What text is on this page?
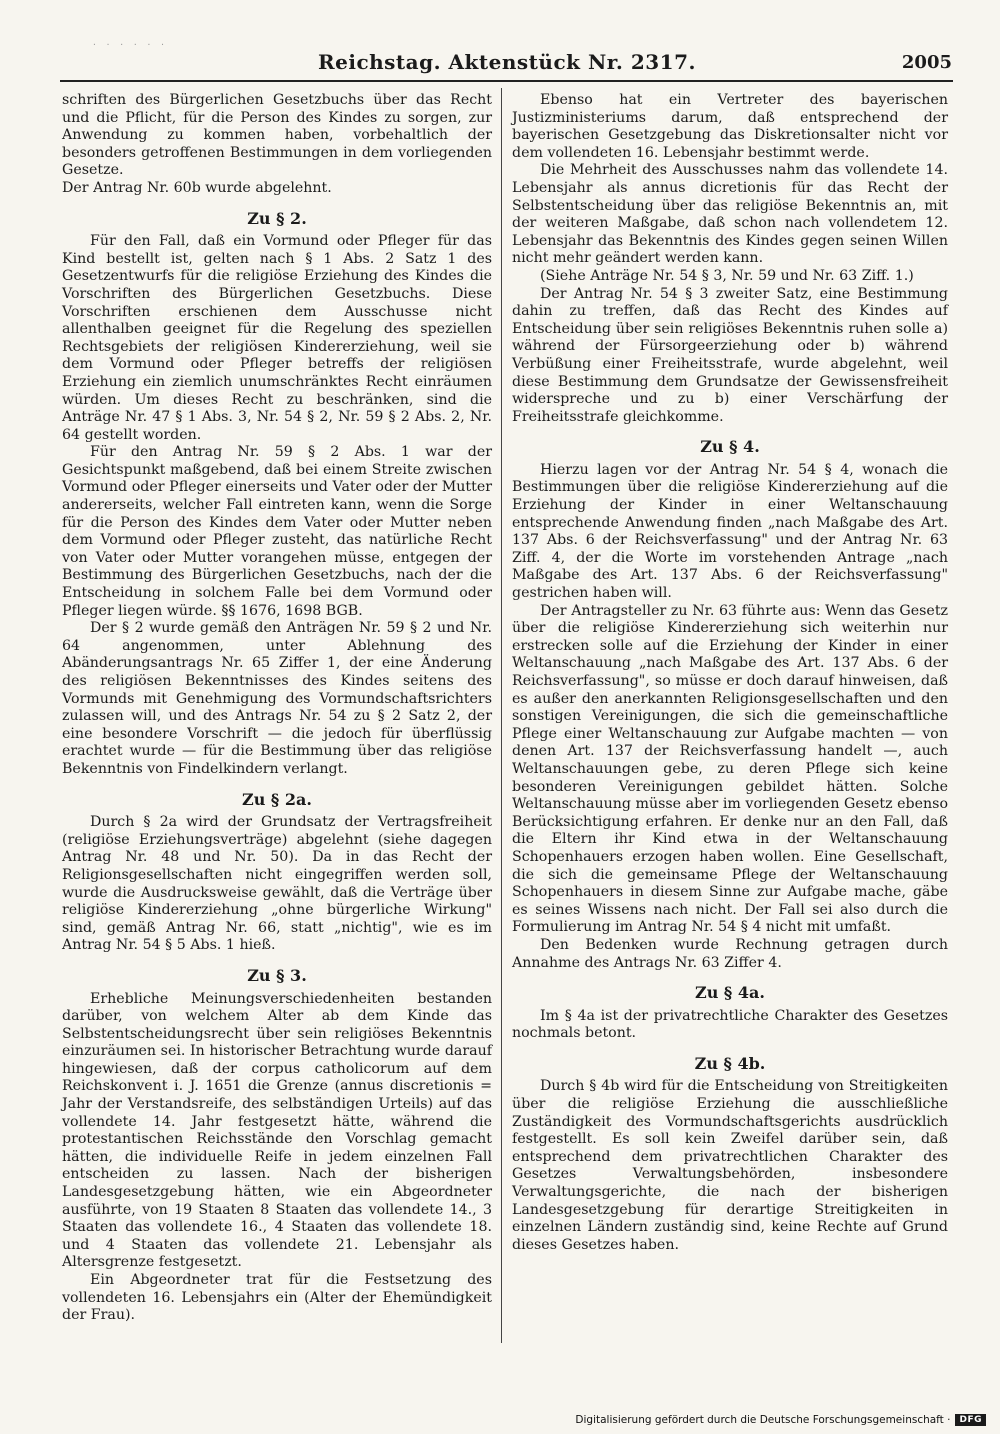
· · · · · ·
Reichstag. Aktenstück Nr. 2317.	2005

schriften des Bürgerlichen Gesetzbuchs über das Recht und die Pflicht, für die Person des Kindes zu sorgen, zur Anwendung zu kommen haben, vorbehaltlich der besonders getroffenen Bestimmungen in dem vorliegenden Gesetze.

Der Antrag Nr. 60b wurde abgelehnt.

Zu § 2.

Für den Fall, daß ein Vormund oder Pfleger für das Kind bestellt ist, gelten nach § 1 Abs. 2 Satz 1 des Gesetzentwurfs für die religiöse Erziehung des Kindes die Vorschriften des Bürgerlichen Gesetzbuchs. Diese Vorschriften erschienen dem Ausschusse nicht allenthalben geeignet für die Regelung des speziellen Rechtsgebiets der religiösen Kindererziehung, weil sie dem Vormund oder Pfleger betreffs der religiösen Erziehung ein ziemlich unumschränktes Recht einräumen würden. Um dieses Recht zu beschränken, sind die Anträge Nr. 47 § 1 Abs. 3, Nr. 54 § 2, Nr. 59 § 2 Abs. 2, Nr. 64 gestellt worden.

Für den Antrag Nr. 59 § 2 Abs. 1 war der Gesichtspunkt maßgebend, daß bei einem Streite zwischen Vormund oder Pfleger einerseits und Vater oder der Mutter andererseits, welcher Fall eintreten kann, wenn die Sorge für die Person des Kindes dem Vater oder Mutter neben dem Vormund oder Pfleger zusteht, das natürliche Recht von Vater oder Mutter vorangehen müsse, entgegen der Bestimmung des Bürgerlichen Gesetzbuchs, nach der die Entscheidung in solchem Falle bei dem Vormund oder Pfleger liegen würde. §§ 1676, 1698 BGB.

Der § 2 wurde gemäß den Anträgen Nr. 59 § 2 und Nr. 64 angenommen, unter Ablehnung des Abänderungsantrags Nr. 65 Ziffer 1, der eine Änderung des religiösen Bekenntnisses des Kindes seitens des Vormunds mit Genehmigung des Vormundschaftsrichters zulassen will, und des Antrags Nr. 54 zu § 2 Satz 2, der eine besondere Vorschrift — die jedoch für überflüssig erachtet wurde — für die Bestimmung über das religiöse Bekenntnis von Findelkindern verlangt.

Zu § 2a.

Durch § 2a wird der Grundsatz der Vertragsfreiheit (religiöse Erziehungsverträge) abgelehnt (siehe dagegen Antrag Nr. 48 und Nr. 50). Da in das Recht der Religionsgesellschaften nicht eingegriffen werden soll, wurde die Ausdrucksweise gewählt, daß die Verträge über religiöse Kindererziehung „ohne bürgerliche Wirkung" sind, gemäß Antrag Nr. 66, statt „nichtig", wie es im Antrag Nr. 54 § 5 Abs. 1 hieß.

Zu § 3.

Erhebliche Meinungsverschiedenheiten bestanden darüber, von welchem Alter ab dem Kinde das Selbstentscheidungsrecht über sein religiöses Bekenntnis einzuräumen sei. In historischer Betrachtung wurde darauf hingewiesen, daß der corpus catholicorum auf dem Reichskonvent i. J. 1651 die Grenze (annus discretionis = Jahr der Verstandsreife, des selbständigen Urteils) auf das vollendete 14. Jahr festgesetzt hätte, während die protestantischen Reichsstände den Vorschlag gemacht hätten, die individuelle Reife in jedem einzelnen Fall entscheiden zu lassen. Nach der bisherigen Landesgesetzgebung hätten, wie ein Abgeordneter ausführte, von 19 Staaten 8 Staaten das vollendete 14., 3 Staaten das vollendete 16., 4 Staaten das vollendete 18. und 4 Staaten das vollendete 21. Lebensjahr als Altersgrenze festgesetzt.

Ein Abgeordneter trat für die Festsetzung des vollendeten 16. Lebensjahrs ein (Alter der Ehemündigkeit der Frau).

Ebenso hat ein Vertreter des bayerischen Justizministeriums darum, daß entsprechend der bayerischen Gesetzgebung das Diskretionsalter nicht vor dem vollendeten 16. Lebensjahr bestimmt werde.

Die Mehrheit des Ausschusses nahm das vollendete 14. Lebensjahr als annus dicretionis für das Recht der Selbstentscheidung über das religiöse Bekenntnis an, mit der weiteren Maßgabe, daß schon nach vollendetem 12. Lebensjahr das Bekenntnis des Kindes gegen seinen Willen nicht mehr geändert werden kann.

(Siehe Anträge Nr. 54 § 3, Nr. 59 und Nr. 63 Ziff. 1.)

Der Antrag Nr. 54 § 3 zweiter Satz, eine Bestimmung dahin zu treffen, daß das Recht des Kindes auf Entscheidung über sein religiöses Bekenntnis ruhen solle a) während der Fürsorgeerziehung oder b) während Verbüßung einer Freiheitsstrafe, wurde abgelehnt, weil diese Bestimmung dem Grundsatze der Gewissensfreiheit widerspreche und zu b) einer Verschärfung der Freiheitsstrafe gleichkomme.

Zu § 4.

Hierzu lagen vor der Antrag Nr. 54 § 4, wonach die Bestimmungen über die religiöse Kindererziehung auf die Erziehung der Kinder in einer Weltanschauung entsprechende Anwendung finden „nach Maßgabe des Art. 137 Abs. 6 der Reichsverfassung" und der Antrag Nr. 63 Ziff. 4, der die Worte im vorstehenden Antrage „nach Maßgabe des Art. 137 Abs. 6 der Reichsverfassung" gestrichen haben will.

Der Antragsteller zu Nr. 63 führte aus: Wenn das Gesetz über die religiöse Kindererziehung sich weiterhin nur erstrecken solle auf die Erziehung der Kinder in einer Weltanschauung „nach Maßgabe des Art. 137 Abs. 6 der Reichsverfassung", so müsse er doch darauf hinweisen, daß es außer den anerkannten Religionsgesellschaften und den sonstigen Vereinigungen, die sich die gemeinschaftliche Pflege einer Weltanschauung zur Aufgabe machten — von denen Art. 137 der Reichsverfassung handelt —, auch Weltanschauungen gebe, zu deren Pflege sich keine besonderen Vereinigungen gebildet hätten. Solche Weltanschauung müsse aber im vorliegenden Gesetz ebenso Berücksichtigung erfahren. Er denke nur an den Fall, daß die Eltern ihr Kind etwa in der Weltanschauung Schopenhauers erzogen haben wollen. Eine Gesellschaft, die sich die gemeinsame Pflege der Weltanschauung Schopenhauers in diesem Sinne zur Aufgabe mache, gäbe es seines Wissens nach nicht. Der Fall sei also durch die Formulierung im Antrag Nr. 54 § 4 nicht mit umfaßt.

Den Bedenken wurde Rechnung getragen durch Annahme des Antrags Nr. 63 Ziffer 4.

Zu § 4a.

Im § 4a ist der privatrechtliche Charakter des Gesetzes nochmals betont.

Zu § 4b.

Durch § 4b wird für die Entscheidung von Streitigkeiten über die religiöse Erziehung die ausschließliche Zuständigkeit des Vormundschaftsgerichts ausdrücklich festgestellt. Es soll kein Zweifel darüber sein, daß entsprechend dem privatrechtlichen Charakter des Gesetzes Verwaltungsbehörden, insbesondere Verwaltungsgerichte, die nach der bisherigen Landesgesetzgebung für derartige Streitigkeiten in einzelnen Ländern zuständig sind, keine Rechte auf Grund dieses Gesetzes haben.

Digitalisierung gefördert durch die Deutsche Forschungsgemeinschaft ·	DFG
